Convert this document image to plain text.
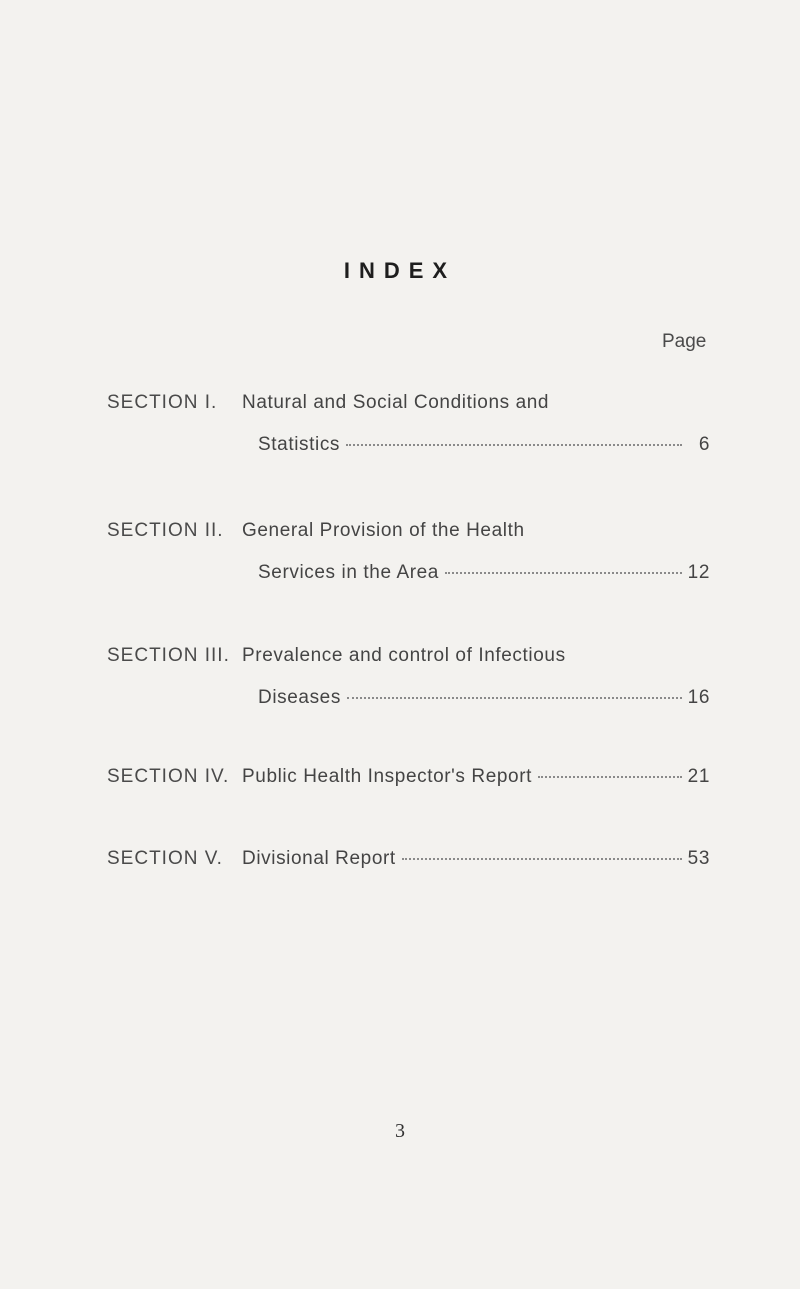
INDEX
Page
SECTION I. Natural and Social Conditions and
Statistics	6
SECTION II. General Provision of the Health
Services in the Area	12
SECTION III. Prevalence and control of Infectious
Diseases	16
SECTION IV. Public Health Inspector's Report	21
SECTION V. Divisional Report	53
3
